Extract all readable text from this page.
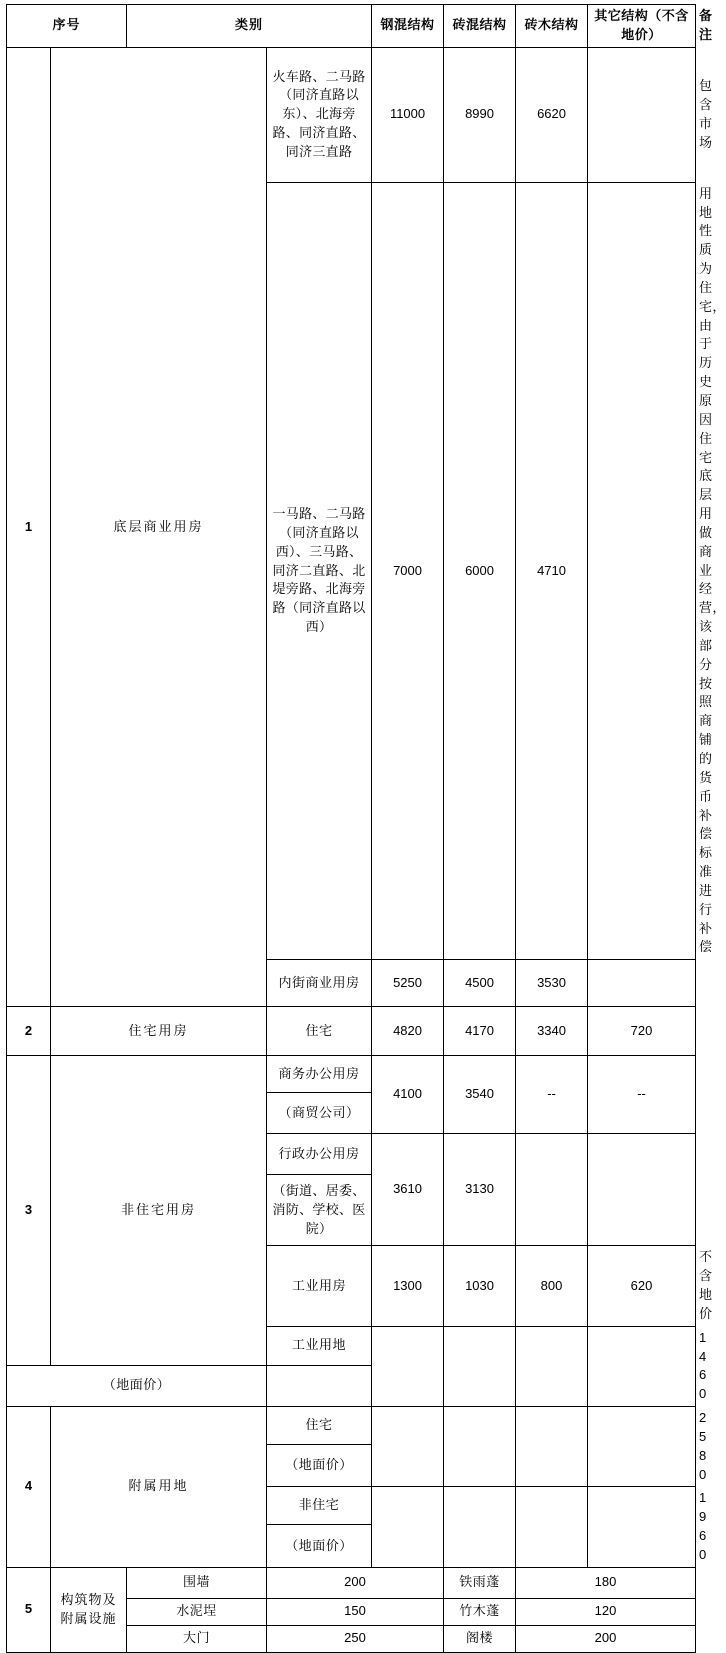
序号		类别		钢混结构	砖混结构	砖木结构	其它结构（不含地价）	备注
1	底层商业用房		火车路、二马路（同济直路以东）、北海旁路、同济直路、同济三直路	11000	8990	6620		包含 市场
			一马路、二马路（同济直路以西）、三马路、同济二直路、北堤旁路、北海旁路（同济直路以西）	7000	6000	4710		用地性质为住宅，由于历史原因住宅底层用做商业经营，该部分按照商铺的货币补偿标准进行补偿
			内街商业用房	5250	4500	3530		
2	住宅用房		住宅	4820	4170	3340	720	
3	非住宅用房		商务办公用房	4100	3540	--	--	
			（商贸公司）					
			行政办公用房	3610	3130			
			（街道、居委、消防、学校、医院）					
			工业用房	1300	1030	800	620	不含 地价
			工业用地					1460
（地面价）								
4	附属用地		住宅					2580
			（地面价）					
			非住宅					1960
			（地面价）					
5	构筑物及附属设施	围墙	200		铁雨蓬	180		
		水泥埕	150		竹木蓬	120		
		大门	250		阁楼	200		
